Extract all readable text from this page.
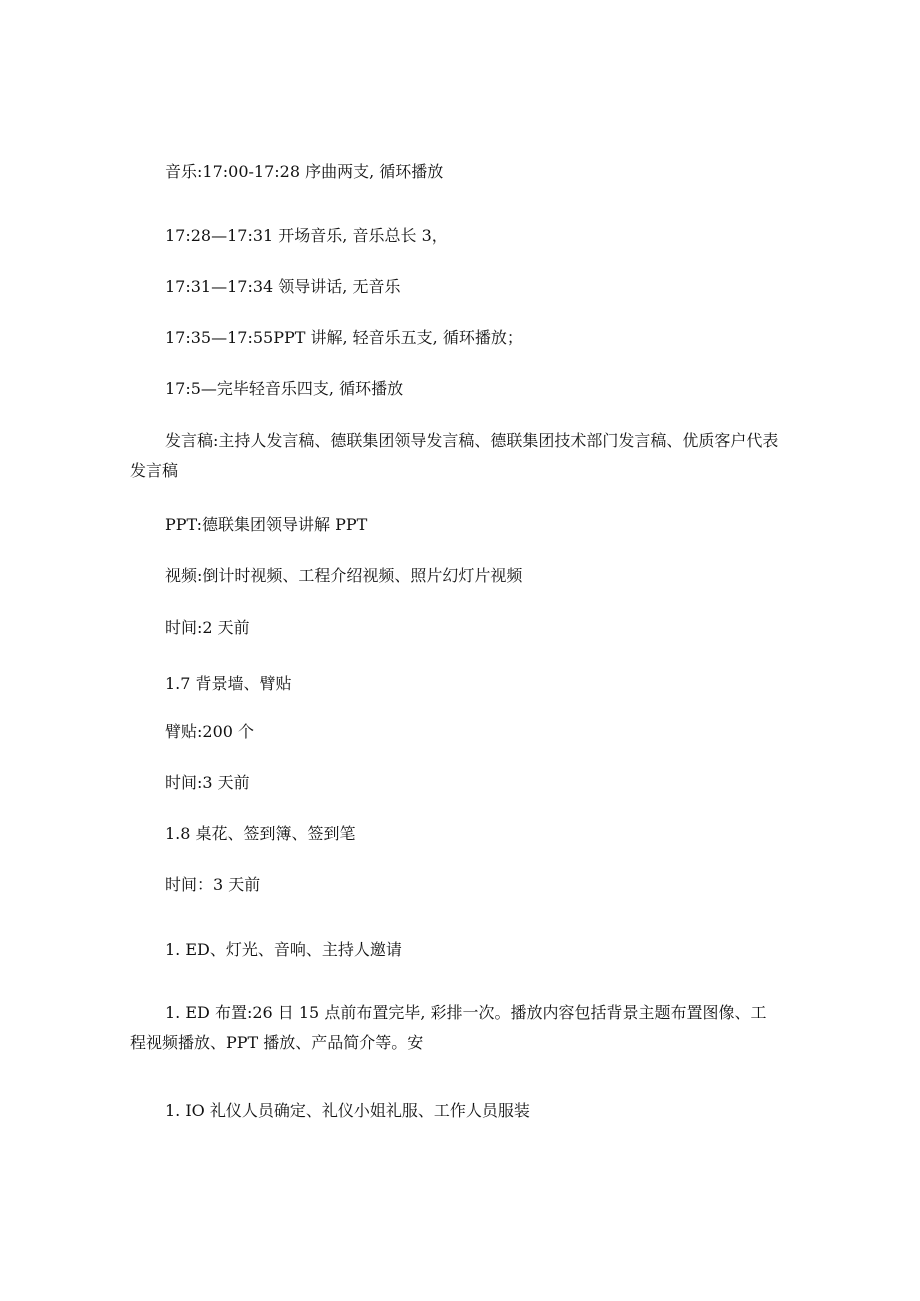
音乐:17:00-17:28 序曲两支, 循环播放

17:28—17:31 开场音乐, 音乐总长 3，

17:31—17:34 领导讲话, 无音乐

17:35—17:55PPT 讲解, 轻音乐五支, 循环播放；

17:5—完毕轻音乐四支, 循环播放

发言稿:主持人发言稿、德联集团领导发言稿、德联集团技术部门发言稿、优质客户代表发言稿

PPT:德联集团领导讲解 PPT

视频:倒计时视频、工程介绍视频、照片幻灯片视频

时间:2 天前

1.7 背景墙、臂贴

臂贴:200 个

时间:3 天前

1.8 桌花、签到簿、签到笔

时间：3 天前

1. ED、灯光、音响、主持人邀请

1. ED 布置:26 日 15 点前布置完毕, 彩排一次。播放内容包括背景主题布置图像、工程视频播放、PPT 播放、产品简介等。安

1. IO 礼仪人员确定、礼仪小姐礼服、工作人员服装
